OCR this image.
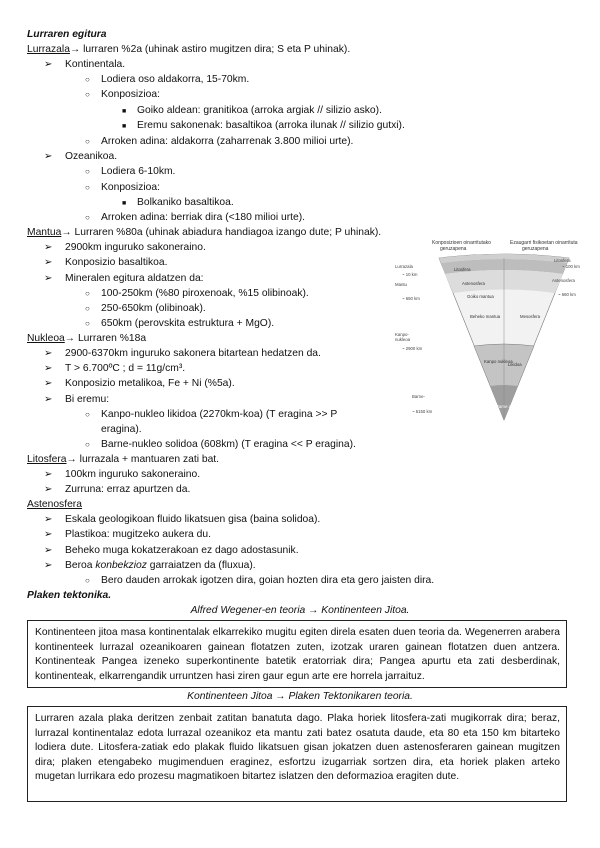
Lurraren egitura
Lurrazala→ lurraren %2a (uhinak astiro mugitzen dira; S eta P uhinak).
➢ Kontinentala.
○ Lodiera oso aldakorra, 15-70km.
○ Konposizioa:
■ Goiko aldean: granitikoa (arroka argiak // silizio asko).
■ Eremu sakonenak: basaltikoa (arroka ilunak // silizio gutxi).
○ Arroken adina: aldakorra (zaharrenak 3.800 milioi urte).
➢ Ozeanikoa.
○ Lodiera 6-10km.
○ Konposizioa:
■ Bolkaniko basaltikoa.
○ Arroken adina: berriak dira (<180 milioi urte).
Mantua→ Lurraren %80a (uhinak abiadura handiagoa izango dute; P uhinak).
➢ 2900km inguruko sakoneraino.
➢ Konposizio basaltikoa.
➢ Mineralen egitura aldatzen da:
○ 100-250km (%80 piroxenoak, %15 olibinoak).
○ 250-650km (olibinoak).
○ 650km (perovskita estruktura + MgO).
Nukleoa→ Lurraren %18a
➢ 2900-6370km inguruko sakonera bitartean hedatzen da.
➢ T > 6.700ºC ; d = 11g/cm³.
➢ Konposizio metalikoa, Fe + Ni (%5a).
➢ Bi eremu:
○ Kanpo-nukleo likidoa (2270km-koa) (T eragina >> P
eragina).
○ Barne-nukleo solidoa (608km) (T eragina << P eragina).
Litosfera→ lurrazala + mantuaren zati bat.
➢ 100km inguruko sakoneraino.
➢ Zurruna: erraz apurtzen da.
Astenosfera
➢ Eskala geologikoan fluido likatsuen gisa (baina solidoa).
➢ Plastikoa: mugitzeko aukera du.
➢ Beheko muga kokatzerakoan ez dago adostasunik.
➢ Beroa konbekzioz garraiatzen da (fluxua).
○ Bero dauden arrokak igotzen dira, goian hozten dira eta gero jaisten dira.
Plaken tektonika.
Alfred Wegener-en teoria → Kontinenteen Jitoa.
Kontinenteen jitoa masa kontinentalak elkarrekiko mugitu egiten direla esaten duen teoria da. Wegenerren arabera kontinenteek lurrazal ozeanikoaren gainean flotatzen zuten, izotzak uraren gainean flotatzen duen antzera. Kontinenteak Pangea izeneko superkontinente batetik eratorriak dira; Pangea apurtu eta zati desberdinak, kontinenteak, elkarrengandik urruntzen hasi ziren gaur egun arte ere horrela jarraituz.
Kontinenteen Jitoa → Plaken Tektonikaren teoria.
Lurraren azala plaka deritzen zenbait zatitan banatuta dago. Plaka horiek litosfera-zati mugikorrak dira; beraz, lurrazal kontinentalaz edota lurrazal ozeanikoz eta mantu zati batez osatuta daude, eta 80 eta 150 km bitarteko lodiera dute. Litosfera-zatiak edo plakak fluido likatsuen gisan jokatzen duen astenosferaren gainean mugitzen dira; plaken etengabeko mugimenduen eraginez, esfortzu izugarriak sortzen dira, eta horiek plaken arteko mugetan lurrikara edo prozesu magmatikoen bitartez islatzen den deformazioa eragiten dute.
Konposizioen oinarritutako
geruzapena
Ezaugarri fisikoetan oinarrituta
geruzapena
Lurrazala
~ 10 km
Mantu
~ 650 km
Kanpo-
nukleoa
~ 2900 km
Barne-
~ 5150 km
Litosfera
Astenosfera
Goiko mantua
Beheko mantua	Mesosfera
Kanpo nukleoa
Barne nukleoa
Likidoa
Litosfera
~ 100 km
Astenosfera
~ 660 km
